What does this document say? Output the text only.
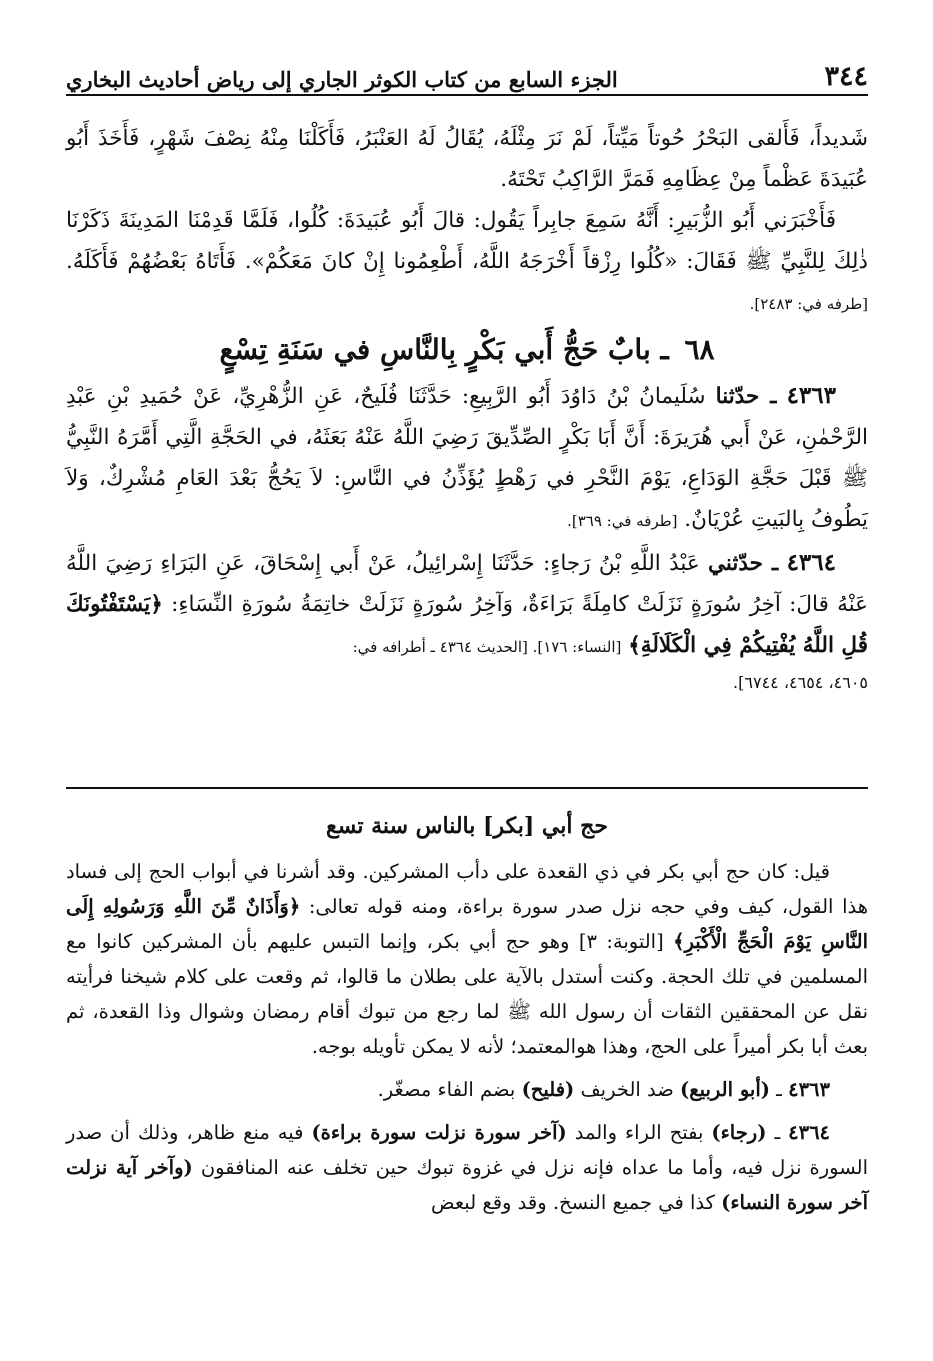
٣٤٤
الجزء السابع من كتاب الكوثر الجاري إلى رياض أحاديث البخاري

شَديداً، فَأَلقى البَحْرُ حُوتاً مَيِّتاً، لَمْ نَرَ مِثْلَهُ، يُقَالُ لَهُ العَنْبَرُ، فَأَكَلْنَا مِنْهُ نِصْفَ شَهْرٍ، فَأَخَذَ أَبُو عُبَيدَةَ عَظْماً مِنْ عِظَامِهِ فَمَرَّ الرَّاكِبُ تَحْتَهُ.

فَأَخْبَرَني أَبُو الزُّبَيرِ: أَنَّهُ سَمِعَ جابِراً يَقُول: قالَ أَبُو عُبَيدَةَ: كُلُوا، فَلَمَّا قَدِمْنَا المَدِينَةَ ذَكَرْنَا ذٰلِكَ لِلنَّبِيِّ ﷺ فَقَالَ: «كُلُوا رِزْقاً أَخْرَجَهُ اللَّهُ، أَطْعِمُونا إِنْ كانَ مَعَكُمْ». فَأَتَاهُ بَعْضُهُمْ فَأَكَلَهُ. [طرفه في: ٢٤٨٣].

٦٨ ـ بابٌ حَجُّ أَبي بَكْرٍ بِالنَّاسِ في سَنَةِ تِسْعٍ

٤٣٦٣ ـ حدّثنا سُلَيمانُ بْنُ دَاوُدَ أَبُو الرَّبِيعِ: حَدَّثَنَا فُلَيحٌ، عَنِ الزُّهْرِيِّ، عَنْ حُمَيدِ بْنِ عَبْدِ الرَّحْمٰنِ، عَنْ أَبي هُرَيرَةَ: أَنَّ أَبَا بَكْرٍ الصِّدِّيقَ رَضِيَ اللَّهُ عَنْهُ بَعَثَهُ، في الحَجَّةِ الَّتِي أَمَّرَهُ النَّبِيُّ ﷺ قَبْلَ حَجَّةِ الوَدَاعِ، يَوْمَ النَّحْرِ في رَهْطٍ يُؤَذِّنُ في النَّاسِ: لاَ يَحُجُّ بَعْدَ العَامِ مُشْرِكٌ، وَلاَ يَطُوفُ بِالبَيتِ عُرْيَانٌ. [طرفه في: ٣٦٩].

٤٣٦٤ ـ حدّثني عَبْدُ اللَّهِ بْنُ رَجاءٍ: حَدَّثَنَا إِسْرائِيلُ، عَنْ أَبي إِسْحَاقَ، عَنِ البَرَاءِ رَضِيَ اللَّهُ عَنْهُ قالَ: آخِرُ سُورَةٍ نَزَلَتْ كامِلَةً بَرَاءَةٌ، وَآخِرُ سُورَةٍ نَزَلَتْ خاتِمَةُ سُورَةِ النِّسَاءِ: ﴿يَسْتَفْتُونَكَ قُلِ اللَّهُ يُفْتِيكُمْ فِي الْكَلَالَةِ﴾ [النساء: ١٧٦]. [الحديث ٤٣٦٤ ـ أطرافه في:

٤٦٠٥، ٤٦٥٤، ٦٧٤٤].

حج أبي [بكر] بالناس سنة تسع

قيل: كان حج أبي بكر في ذي القعدة على دأب المشركين. وقد أشرنا في أبواب الحج إلى فساد هذا القول، كيف وفي حجه نزل صدر سورة براءة، ومنه قوله تعالى: ﴿وَأَذَانٌ مِّنَ اللَّهِ وَرَسُولِهِ إِلَى النَّاسِ يَوْمَ الْحَجِّ الْأَكْبَرِ﴾ [التوبة: ٣] وهو حج أبي بكر، وإنما التبس عليهم بأن المشركين كانوا مع المسلمين في تلك الحجة. وكنت أستدل بالآية على بطلان ما قالوا، ثم وقعت على كلام شيخنا فرأيته نقل عن المحققين الثقات أن رسول الله ﷺ لما رجع من تبوك أقام رمضان وشوال وذا القعدة، ثم بعث أبا بكر أميراً على الحج، وهذا هوالمعتمد؛ لأنه لا يمكن تأويله بوجه.

٤٣٦٣ ـ (أبو الربيع) ضد الخريف (فليح) بضم الفاء مصغّر.

٤٣٦٤ ـ (رجاء) بفتح الراء والمد (آخر سورة نزلت سورة براءة) فيه منع ظاهر، وذلك أن صدر السورة نزل فيه، وأما ما عداه فإنه نزل في غزوة تبوك حين تخلف عنه المنافقون (وآخر آية نزلت آخر سورة النساء) كذا في جميع النسخ. وقد وقع لبعض
